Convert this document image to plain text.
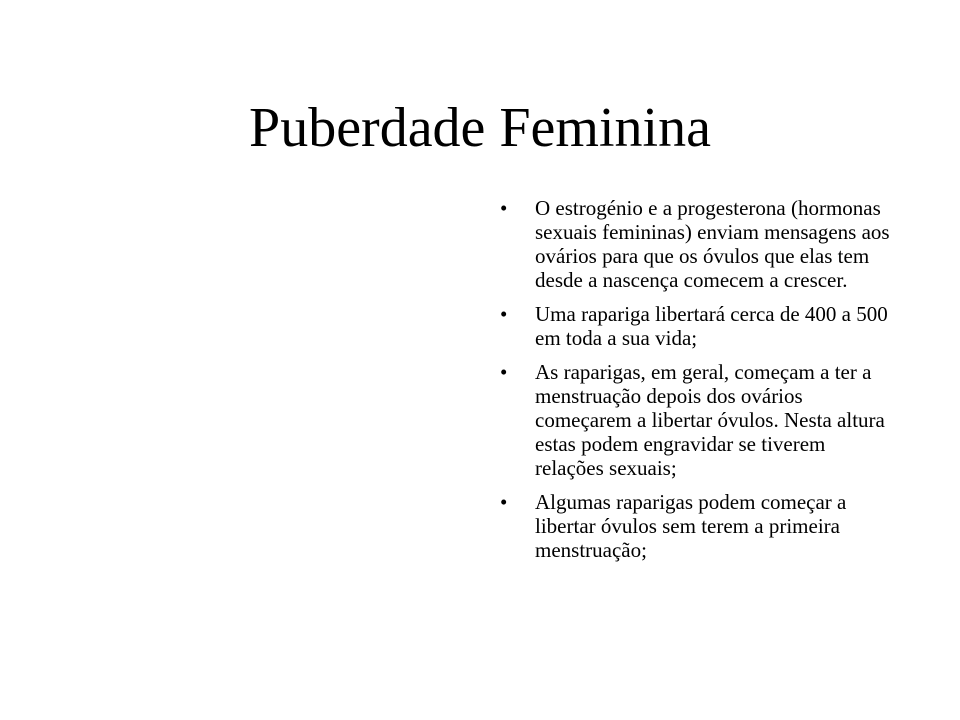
Puberdade Feminina
•	O estrogénio e a progesterona (hormonas sexuais femininas) enviam mensagens aos ovários para que os óvulos que elas tem desde a nascença comecem a crescer.
•	Uma rapariga libertará cerca de 400 a 500 em toda a sua vida;
•	As raparigas, em geral, começam a ter a menstruação depois dos ovários começarem a libertar óvulos. Nesta altura estas podem engravidar se tiverem relações sexuais;
•	Algumas raparigas podem começar a libertar óvulos sem terem a primeira menstruação;
